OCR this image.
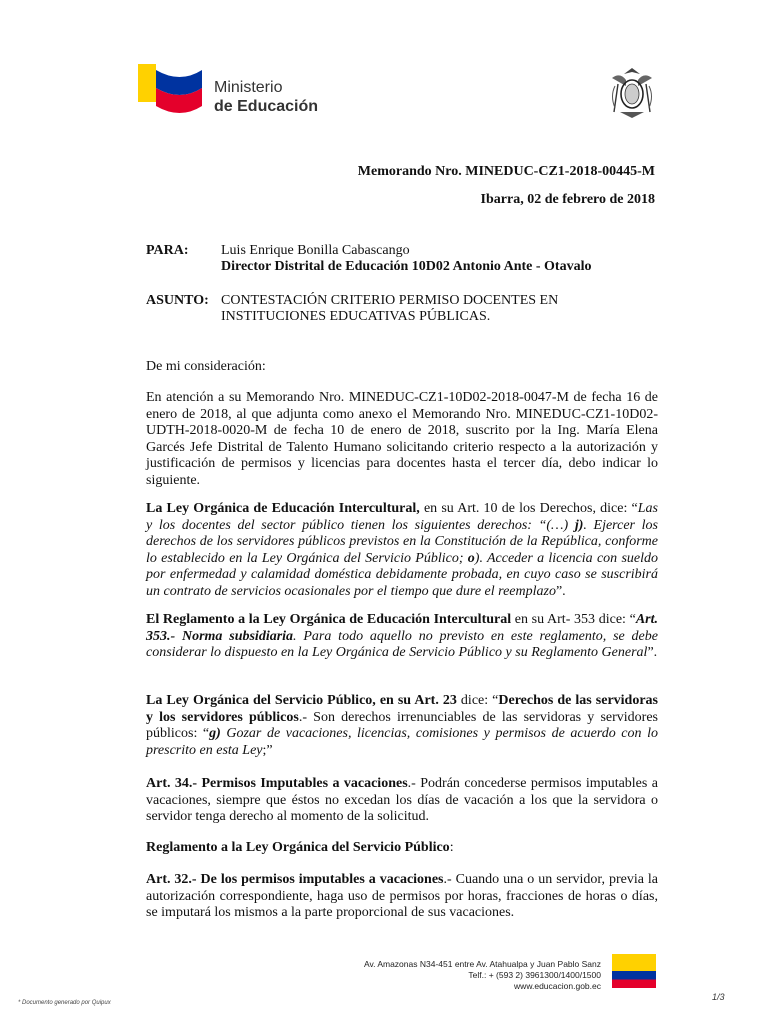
Ministerio
de Educación
Memorando Nro. MINEDUC-CZ1-2018-00445-M
Ibarra, 02 de febrero de 2018
PARA: Luis Enrique Bonilla Cabascango
Director Distrital de Educación 10D02 Antonio Ante - Otavalo
ASUNTO: CONTESTACIÓN CRITERIO PERMISO DOCENTES EN INSTITUCIONES EDUCATIVAS PÚBLICAS.
De mi consideración:
En atención a su Memorando Nro. MINEDUC-CZ1-10D02-2018-0047-M de fecha 16 de enero de 2018, al que adjunta como anexo el Memorando Nro. MINEDUC-CZ1-10D02-UDTH-2018-0020-M de fecha 10 de enero de 2018, suscrito por la Ing. María Elena Garcés Jefe Distrital de Talento Humano solicitando criterio respecto a la autorización y justificación de permisos y licencias para docentes hasta el tercer día, debo indicar lo siguiente.
La Ley Orgánica de Educación Intercultural, en su Art. 10 de los Derechos, dice: “Las y los docentes del sector público tienen los siguientes derechos: “(…) j). Ejercer los derechos de los servidores públicos previstos en la Constitución de la República, conforme lo establecido en la Ley Orgánica del Servicio Público; o). Acceder a licencia con sueldo por enfermedad y calamidad doméstica debidamente probada, en cuyo caso se suscribirá un contrato de servicios ocasionales por el tiempo que dure el reemplazo”.
El Reglamento a la Ley Orgánica de Educación Intercultural en su Art- 353 dice: “Art. 353.- Norma subsidiaria. Para todo aquello no previsto en este reglamento, se debe considerar lo dispuesto en la Ley Orgánica de Servicio Público y su Reglamento General”.
La Ley Orgánica del Servicio Público, en su Art. 23 dice: “Derechos de las servidoras y los servidores públicos.- Son derechos irrenunciables de las servidoras y servidores públicos: “g) Gozar de vacaciones, licencias, comisiones y permisos de acuerdo con lo prescrito en esta Ley;”
Art. 34.- Permisos Imputables a vacaciones.- Podrán concederse permisos imputables a vacaciones, siempre que éstos no excedan los días de vacación a los que la servidora o servidor tenga derecho al momento de la solicitud.
Reglamento a la Ley Orgánica del Servicio Público:
Art. 32.- De los permisos imputables a vacaciones.- Cuando una o un servidor, previa la autorización correspondiente, haga uso de permisos por horas, fracciones de horas o días, se imputará los mismos a la parte proporcional de sus vacaciones.
Av. Amazonas N34-451 entre Av. Atahualpa y Juan Pablo Sanz
Telf.: + (593 2) 3961300/1400/1500
www.educacion.gob.ec
* Documento generado por Quipux
1/3
